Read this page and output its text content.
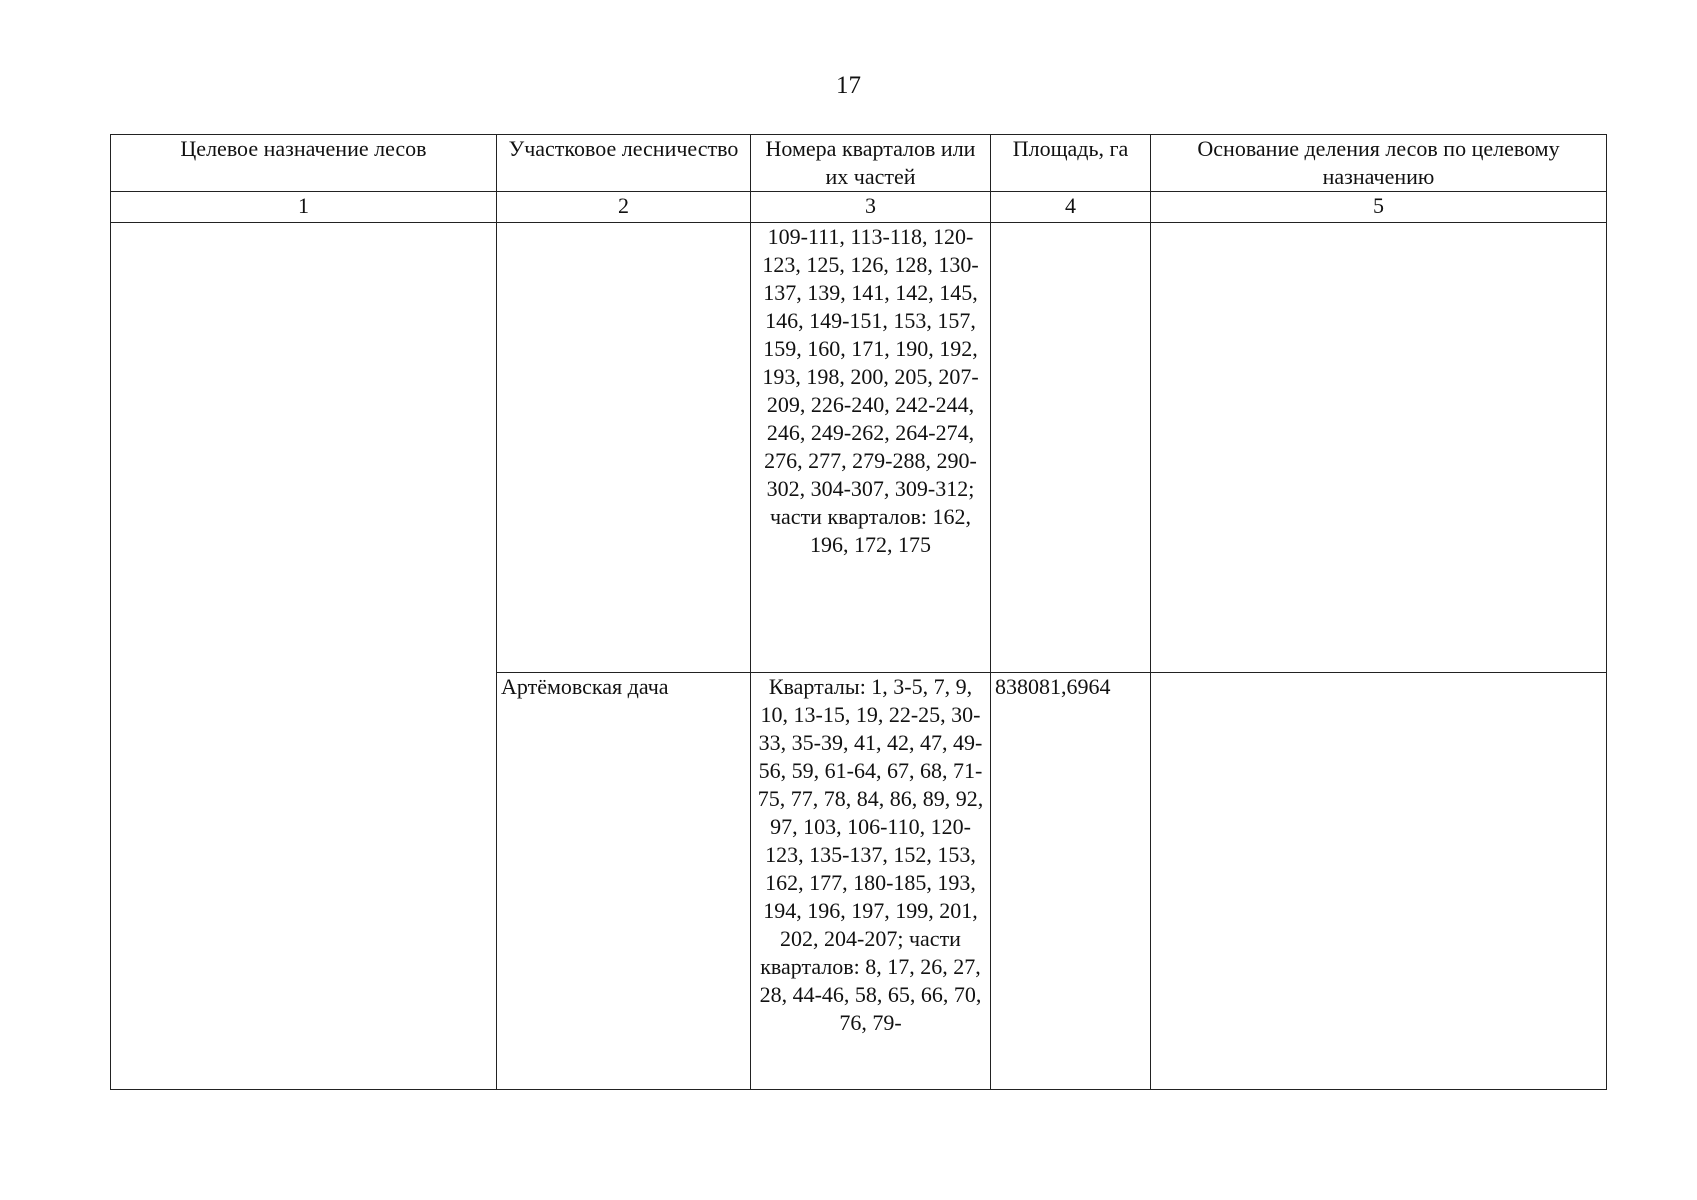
17
Целевое назначение лесов	Участковое лесничество	Номера кварталов или их частей	Площадь, га	Основание деления лесов по целевому назначению
1	2	3	4	5
		109-111, 113-118, 120-123, 125, 126, 128, 130-137, 139, 141, 142, 145, 146, 149-151, 153, 157, 159, 160, 171, 190, 192, 193, 198, 200, 205, 207-209, 226-240, 242-244, 246, 249-262, 264-274, 276, 277, 279-288, 290-302, 304-307, 309-312; части кварталов: 162, 196, 172, 175		
	Артёмовская дача	Кварталы: 1, 3-5, 7, 9, 10, 13-15, 19, 22-25, 30-33, 35-39, 41, 42, 47, 49-56, 59, 61-64, 67, 68, 71-75, 77, 78, 84, 86, 89, 92, 97, 103, 106-110, 120-123, 135-137, 152, 153, 162, 177, 180-185, 193, 194, 196, 197, 199, 201, 202, 204-207; части кварталов: 8, 17, 26, 27, 28, 44-46, 58, 65, 66, 70, 76, 79-	838081,6964	
